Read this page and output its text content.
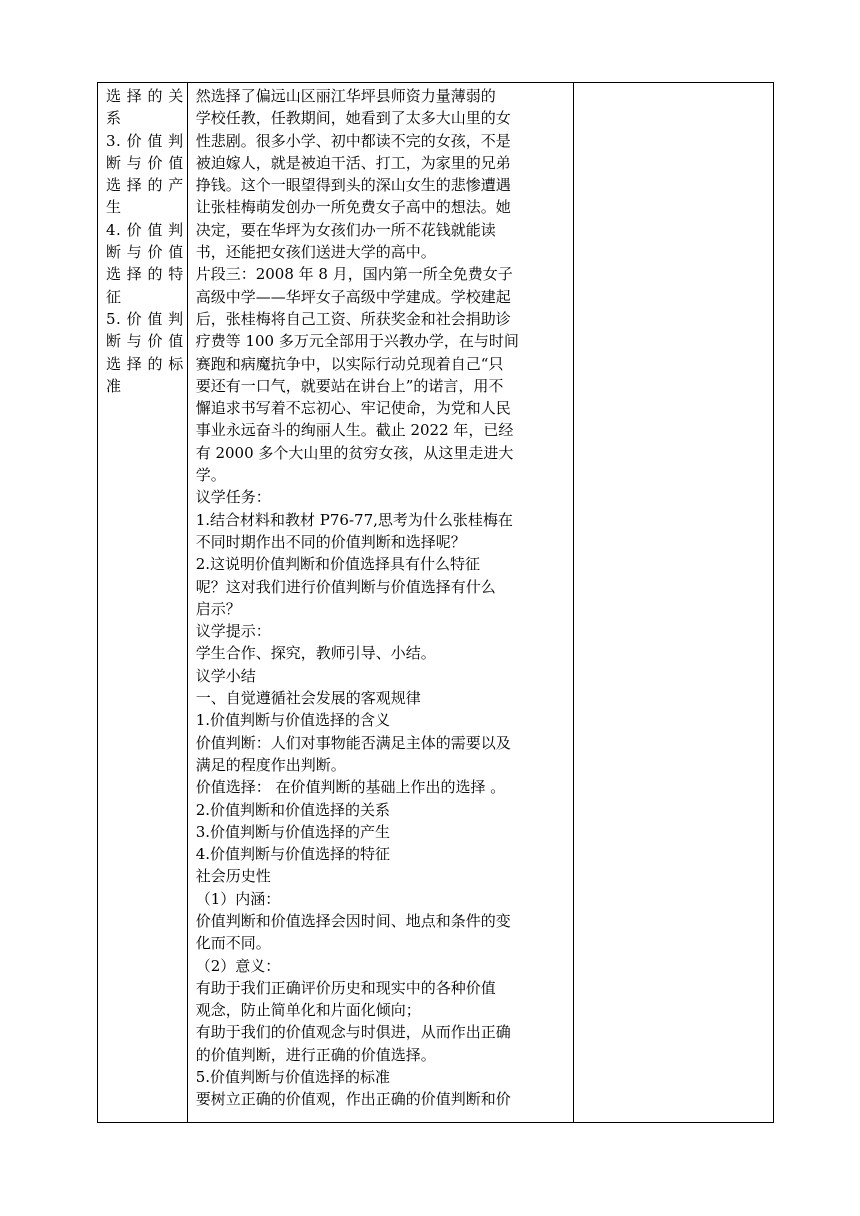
选 择 的 关
系
3. 价 值 判
断 与 价 值
选 择 的 产
生
4. 价 值 判
断 与 价 值
选 择 的 特
征
5. 价 值 判
断 与 价 值
选 择 的 标
准

然选择了偏远山区丽江华坪县师资力量薄弱的
学校任教，任教期间，她看到了太多大山里的女
性悲剧。很多小学、初中都读不完的女孩，不是
被迫嫁人，就是被迫干活、打工，为家里的兄弟
挣钱。这个一眼望得到头的深山女生的悲惨遭遇
让张桂梅萌发创办一所免费女子高中的想法。她
决定，要在华坪为女孩们办一所不花钱就能读
书，还能把女孩们送进大学的高中。
片段三：2008 年 8 月，国内第一所全免费女子
高级中学——华坪女子高级中学建成。学校建起
后，张桂梅将自己工资、所获奖金和社会捐助诊
疗费等 100 多万元全部用于兴教办学，在与时间
赛跑和病魔抗争中，以实际行动兑现着自己“只
要还有一口气，就要站在讲台上”的诺言，用不
懈追求书写着不忘初心、牢记使命，为党和人民
事业永远奋斗的绚丽人生。截止 2022 年，已经
有 2000 多个大山里的贫穷女孩，从这里走进大
学。
议学任务：
1.结合材料和教材 P76-77,思考为什么张桂梅在
不同时期作出不同的价值判断和选择呢？
2.这说明价值判断和价值选择具有什么特征
呢？这对我们进行价值判断与价值选择有什么
启示？
议学提示：
学生合作、探究，教师引导、小结。
议学小结
一、自觉遵循社会发展的客观规律
1.价值判断与价值选择的含义
价值判断：人们对事物能否满足主体的需要以及
满足的程度作出判断。
价值选择： 在价值判断的基础上作出的选择 。
2.价值判断和价值选择的关系
3.价值判断与价值选择的产生
4.价值判断与价值选择的特征
社会历史性
（1）内涵：
价值判断和价值选择会因时间、地点和条件的变
化而不同。
（2）意义：
有助于我们正确评价历史和现实中的各种价值
观念，防止简单化和片面化倾向；
有助于我们的价值观念与时俱进，从而作出正确
的价值判断，进行正确的价值选择。
5.价值判断与价值选择的标准
要树立正确的价值观，作出正确的价值判断和价
